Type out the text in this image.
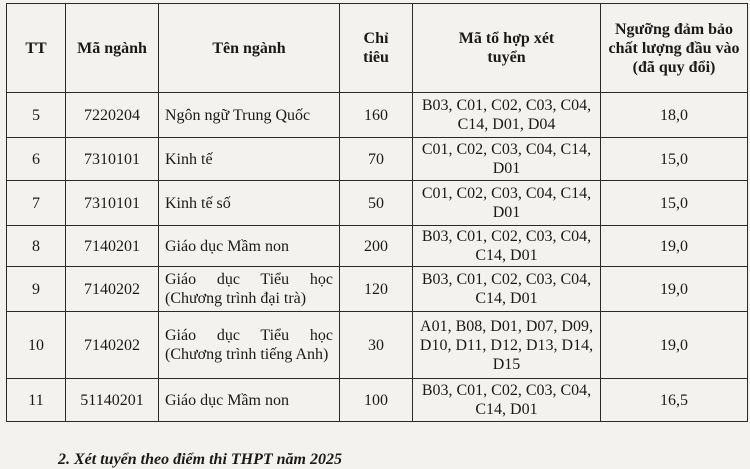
TT	Mã ngành	Tên ngành	Chỉ tiêu	Mã tổ hợp xét tuyển	Ngưỡng đảm bảo chất lượng đầu vào (đã quy đổi)
5	7220204	Ngôn ngữ Trung Quốc	160	B03, C01, C02, C03, C04, C14, D01, D04	18,0
6	7310101	Kinh tế	70	C01, C02, C03, C04, C14, D01	15,0
7	7310101	Kinh tế số	50	C01, C02, C03, C04, C14, D01	15,0
8	7140201	Giáo dục Mầm non	200	B03, C01, C02, C03, C04, C14, D01	19,0
9	7140202	Giáo dục Tiểu học (Chương trình đại trà)	120	B03, C01, C02, C03, C04, C14, D01	19,0
10	7140202	Giáo dục Tiểu học (Chương trình tiếng Anh)	30	A01, B08, D01, D07, D09, D10, D11, D12, D13, D14, D15	19,0
11	51140201	Giáo dục Mầm non	100	B03, C01, C02, C03, C04, C14, D01	16,5
2. Xét tuyển theo điểm thi THPT năm 2025
